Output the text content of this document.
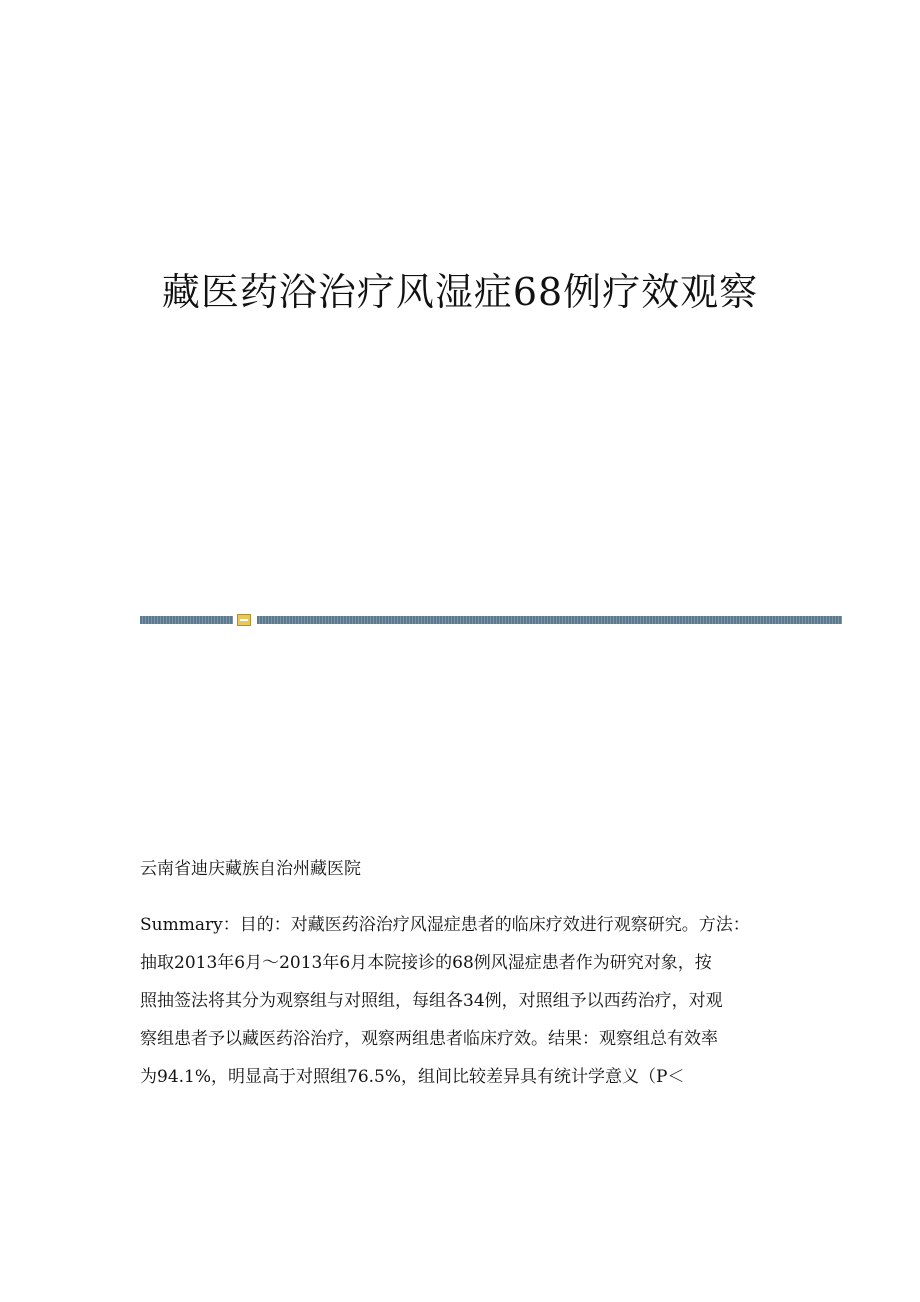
藏医药浴治疗风湿症68例疗效观察
云南省迪庆藏族自治州藏医院
Summary：目的：对藏医药浴治疗风湿症患者的临床疗效进行观察研究。方法：
抽取2013年6月～2013年6月本院接诊的68例风湿症患者作为研究对象，按
照抽签法将其分为观察组与对照组，每组各34例，对照组予以西药治疗，对观
察组患者予以藏医药浴治疗，观察两组患者临床疗效。结果：观察组总有效率
为94.1%，明显高于对照组76.5%，组间比较差异具有统计学意义（P＜
